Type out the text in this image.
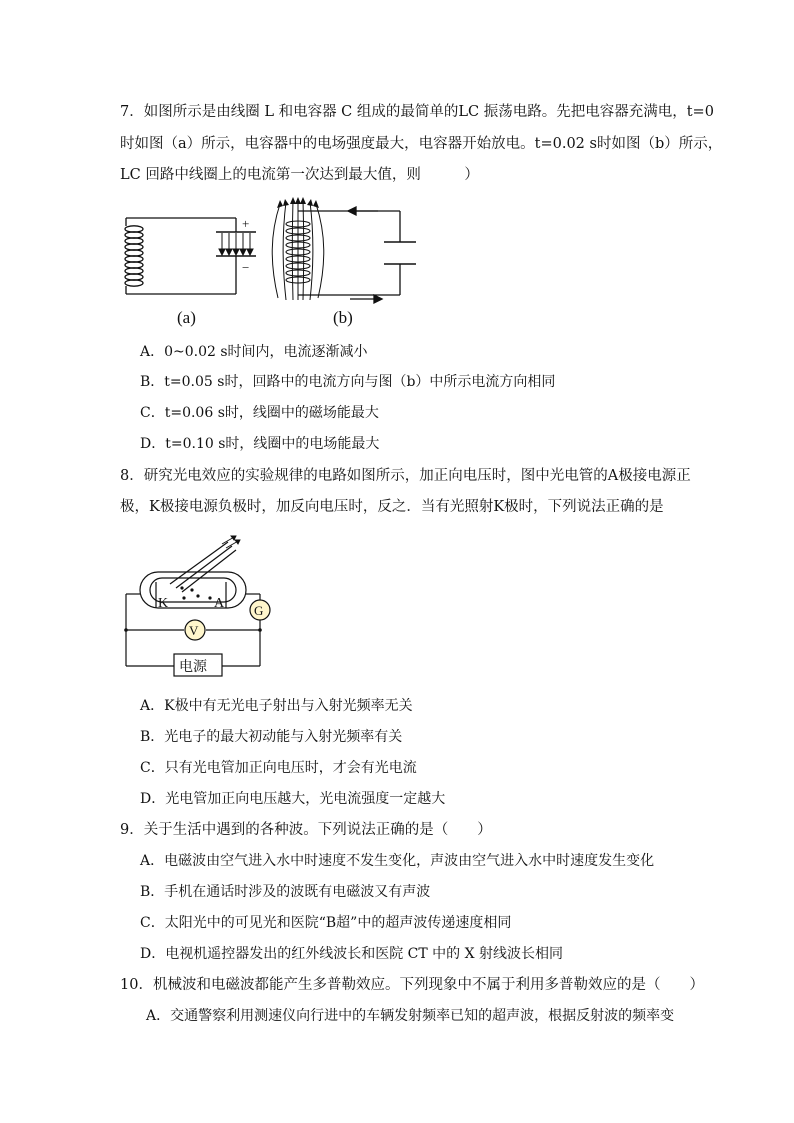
7．如图所示是由线圈 L 和电容器 C 组成的最简单的LC 振荡电路。先把电容器充满电，t=0
时如图（a）所示，电容器中的电场强度最大，电容器开始放电。t=0.02 s时如图（b）所示，
LC 回路中线圈上的电流第一次达到最大值，则　　　）
+
−
(a)	(b)
A．0~0.02 s时间内，电流逐渐减小
B．t=0.05 s时，回路中的电流方向与图（b）中所示电流方向相同
C．t=0.06 s时，线圈中的磁场能最大
D．t=0.10 s时，线圈中的电场能最大
8．研究光电效应的实验规律的电路如图所示，加正向电压时，图中光电管的A极接电源正
极，K极接电源负极时，加反向电压时，反之．当有光照射K极时，下列说法正确的是
G
V
K	A
电源
A．K极中有无光电子射出与入射光频率无关
B．光电子的最大初动能与入射光频率有关
C．只有光电管加正向电压时，才会有光电流
D．光电管加正向电压越大，光电流强度一定越大
9．关于生活中遇到的各种波。下列说法正确的是（　　）
A．电磁波由空气进入水中时速度不发生变化，声波由空气进入水中时速度发生变化
B．手机在通话时涉及的波既有电磁波又有声波
C．太阳光中的可见光和医院“B超”中的超声波传递速度相同
D．电视机遥控器发出的红外线波长和医院 CT 中的 X 射线波长相同
10．机械波和电磁波都能产生多普勒效应。下列现象中不属于利用多普勒效应的是（　　）
A．交通警察利用测速仪向行进中的车辆发射频率已知的超声波，根据反射波的频率变
